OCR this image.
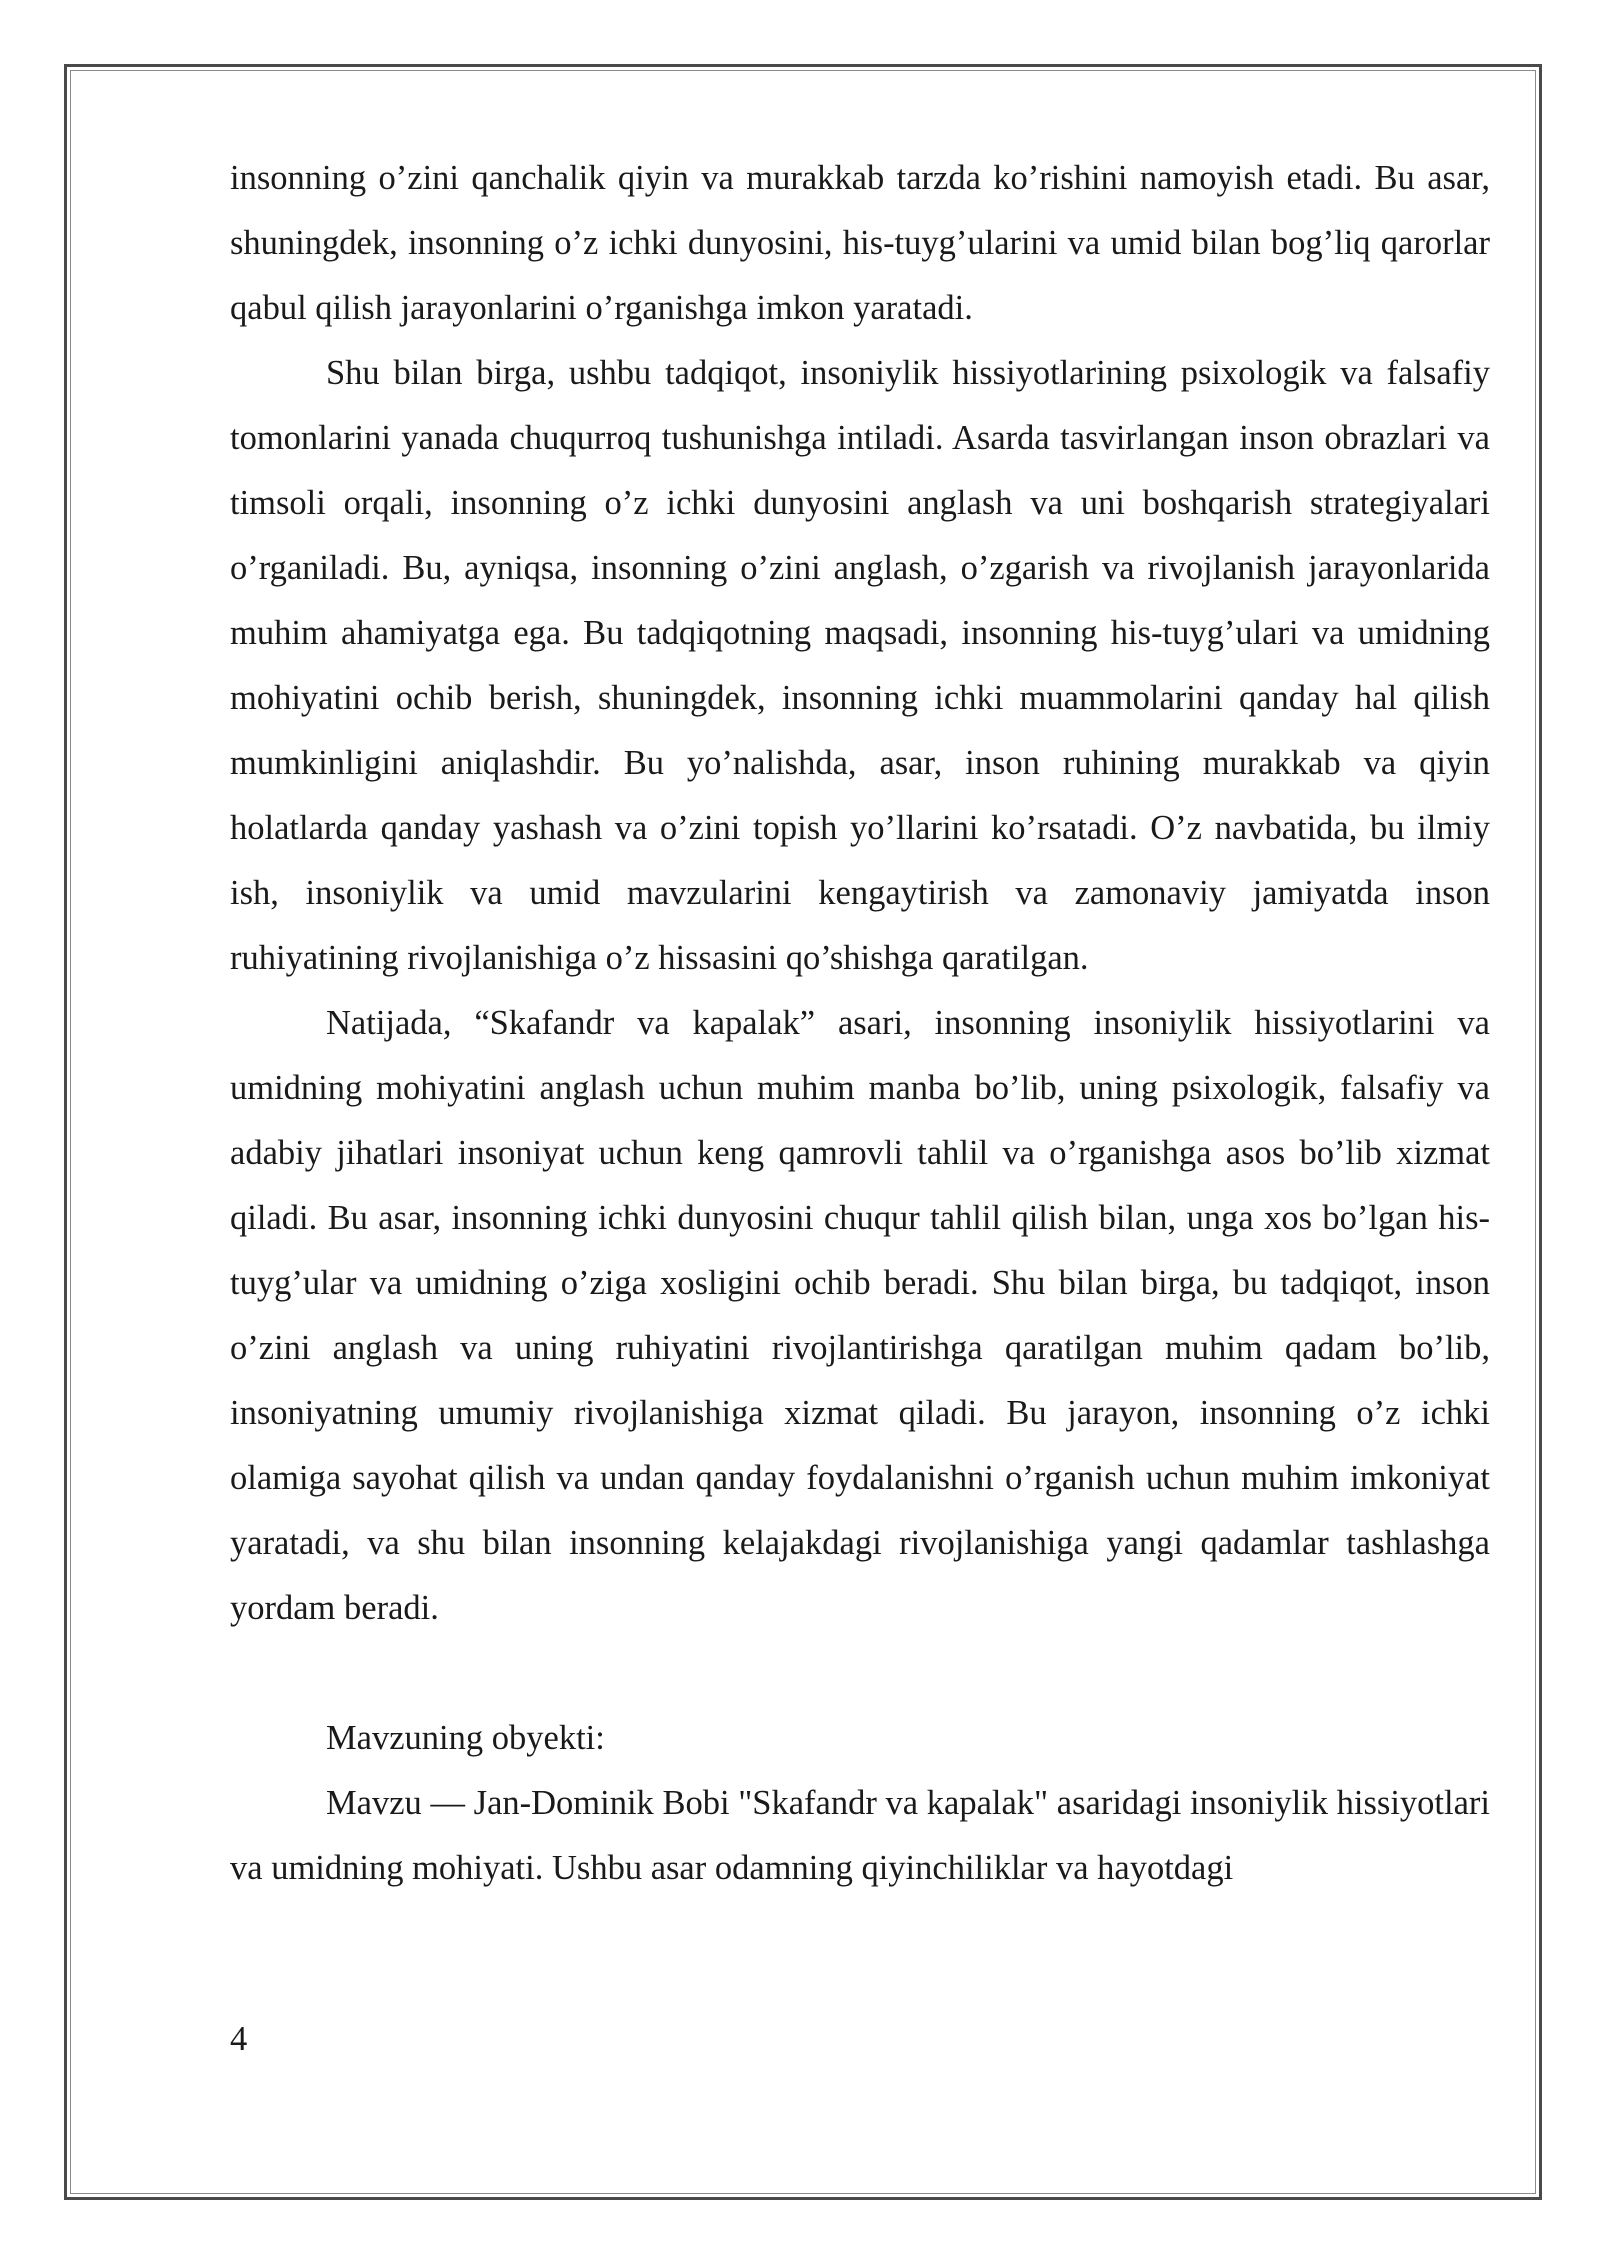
insonning o’zini qanchalik qiyin va murakkab tarzda ko’rishini namoyish etadi. Bu asar, shuningdek, insonning o’z ichki dunyosini, his-tuyg’ularini va umid bilan bog’liq qarorlar qabul qilish jarayonlarini o’rganishga imkon yaratadi.

Shu bilan birga, ushbu tadqiqot, insoniylik hissiyotlarining psixologik va falsafiy tomonlarini yanada chuqurroq tushunishga intiladi. Asarda tasvirlangan inson obrazlari va timsoli orqali, insonning o’z ichki dunyosini anglash va uni boshqarish strategiyalari o’rganiladi. Bu, ayniqsa, insonning o’zini anglash, o’zgarish va rivojlanish jarayonlarida muhim ahamiyatga ega. Bu tadqiqotning maqsadi, insonning his-tuyg’ulari va umidning mohiyatini ochib berish, shuningdek, insonning ichki muammolarini qanday hal qilish mumkinligini aniqlashdir. Bu yo’nalishda, asar, inson ruhining murakkab va qiyin holatlarda qanday yashash va o’zini topish yo’llarini ko’rsatadi. O’z navbatida, bu ilmiy ish, insoniylik va umid mavzularini kengaytirish va zamonaviy jamiyatda inson ruhiyatining rivojlanishiga o’z hissasini qo’shishga qaratilgan.

Natijada, “Skafandr va kapalak” asari, insonning insoniylik hissiyotlarini va umidning mohiyatini anglash uchun muhim manba bo’lib, uning psixologik, falsafiy va adabiy jihatlari insoniyat uchun keng qamrovli tahlil va o’rganishga asos bo’lib xizmat qiladi. Bu asar, insonning ichki dunyosini chuqur tahlil qilish bilan, unga xos bo’lgan his-tuyg’ular va umidning o’ziga xosligini ochib beradi. Shu bilan birga, bu tadqiqot, inson o’zini anglash va uning ruhiyatini rivojlantirishga qaratilgan muhim qadam bo’lib, insoniyatning umumiy rivojlanishiga xizmat qiladi. Bu jarayon, insonning o’z ichki olamiga sayohat qilish va undan qanday foydalanishni o’rganish uchun muhim imkoniyat yaratadi, va shu bilan insonning kelajakdagi rivojlanishiga yangi qadamlar tashlashga yordam beradi.

Mavzuning obyekti:

Mavzu — Jan-Dominik Bobi "Skafandr va kapalak" asaridagi insoniylik hissiyotlari va umidning mohiyati. Ushbu asar odamning qiyinchiliklar va hayotdagi

4
